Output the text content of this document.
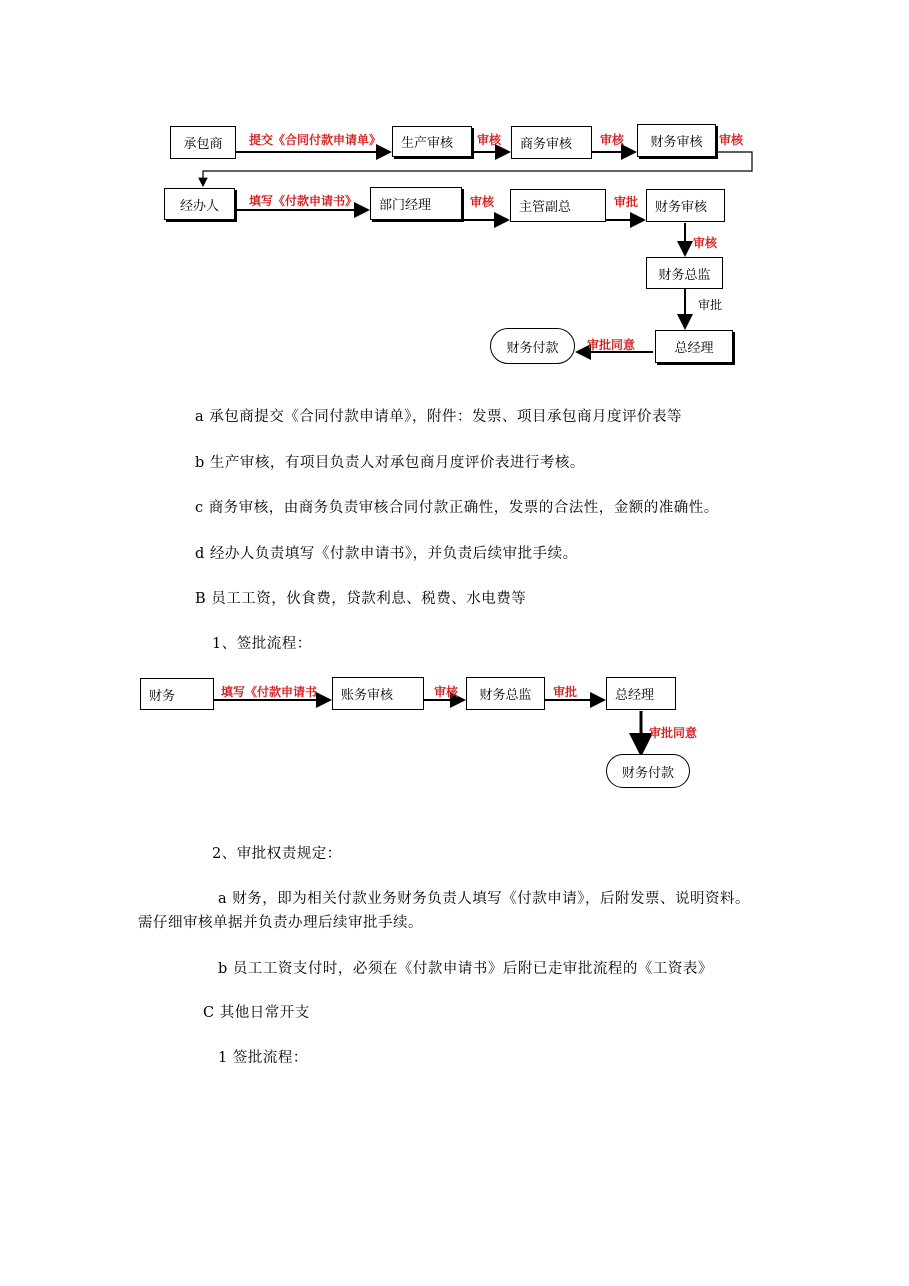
承包商	生产审核	商务审核	财务审核
经办人	部门经理	主管副总	财务审核
财务总监
总经理
财务付款
提交《合同付款申请单》	审核	审核	审核
填写《付款申请书》	审核	审批
审核
审批
审批同意
a 承包商提交《合同付款申请单》，附件：发票、项目承包商月度评价表等
b 生产审核，有项目负责人对承包商月度评价表进行考核。
c 商务审核，由商务负责审核合同付款正确性，发票的合法性，金额的准确性。
d 经办人负责填写《付款申请书》，并负责后续审批手续。
B 员工工资，伙食费，贷款利息、税费、水电费等
1、签批流程：
财务	账务审核	财务总监	总经理
财务付款
填写《付款申请书	审核	审批
审批同意
2、审批权责规定：
a 财务，即为相关付款业务财务负责人填写《付款申请》，后附发票、说明资料。
需仔细审核单据并负责办理后续审批手续。
b 员工工资支付时，必须在《付款申请书》后附已走审批流程的《工资表》
C 其他日常开支
1 签批流程：
